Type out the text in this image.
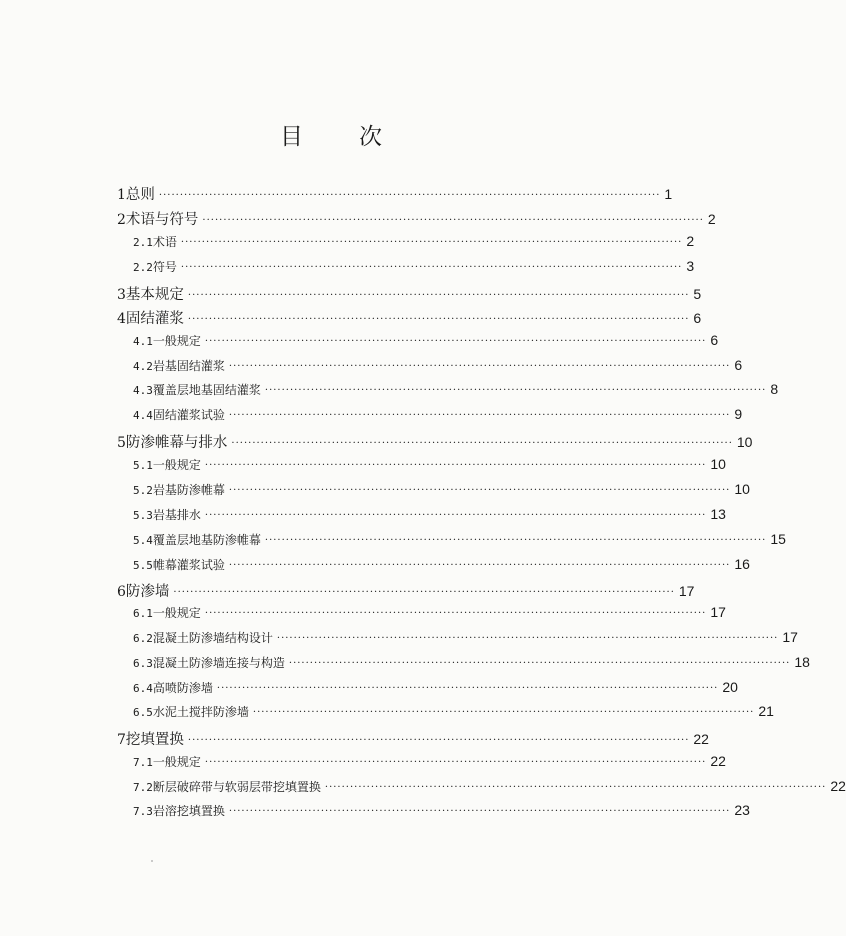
目 次
1 总则 ························································································································ 1
2 术语与符号 ························································································································ 2
2.1 术语 ························································································································ 2
2.2 符号 ························································································································ 3
3 基本规定 ························································································································ 5
4 固结灌浆 ························································································································ 6
4.1 一般规定 ························································································································ 6
4.2 岩基固结灌浆 ························································································································ 6
4.3 覆盖层地基固结灌浆 ························································································································ 8
4.4 固结灌浆试验 ························································································································ 9
5 防渗帷幕与排水 ························································································································ 10
5.1 一般规定 ························································································································ 10
5.2 岩基防渗帷幕 ························································································································ 10
5.3 岩基排水 ························································································································ 13
5.4 覆盖层地基防渗帷幕 ························································································································ 15
5.5 帷幕灌浆试验 ························································································································ 16
6 防渗墙 ························································································································ 17
6.1 一般规定 ························································································································ 17
6.2 混凝土防渗墙结构设计 ························································································································ 17
6.3 混凝土防渗墙连接与构造 ························································································································ 18
6.4 高喷防渗墙 ························································································································ 20
6.5 水泥土搅拌防渗墙 ························································································································ 21
7 挖填置换 ························································································································ 22
7.1 一般规定 ························································································································ 22
7.2 断层破碎带与软弱层带挖填置换 ························································································································ 22
7.3 岩溶挖填置换 ························································································································ 23
